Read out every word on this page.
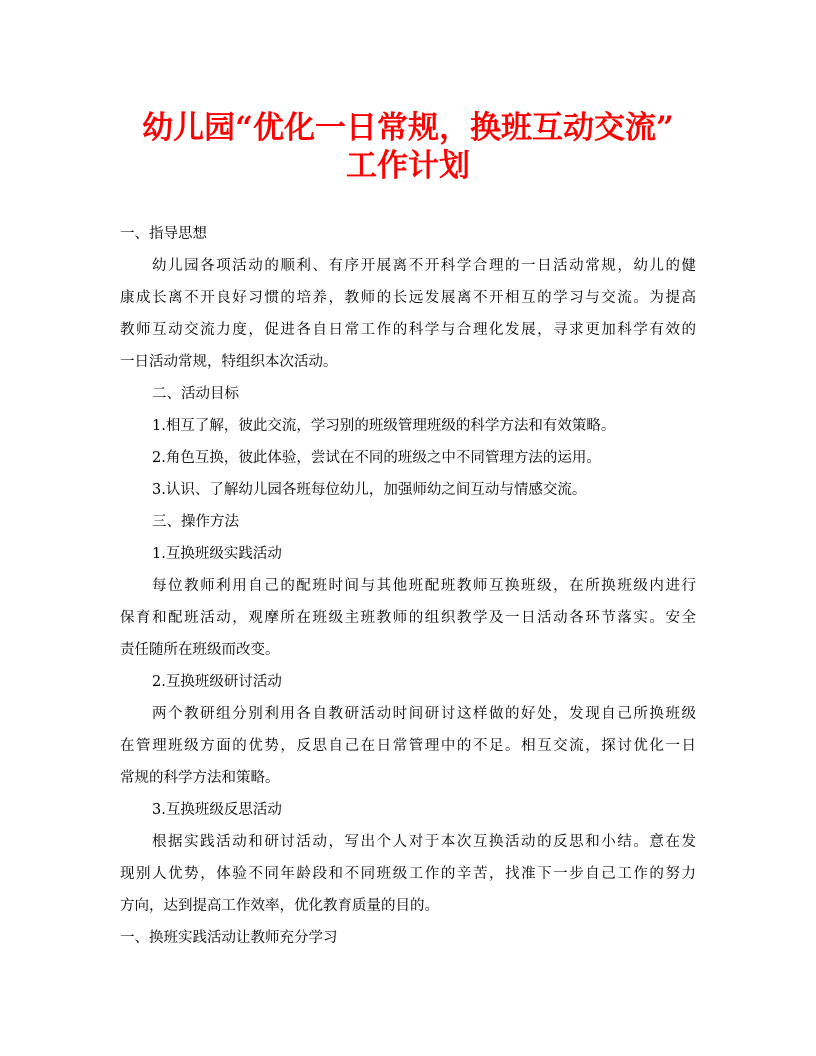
幼儿园“优化一日常规，换班互动交流”
工作计划
一、指导思想
幼儿园各项活动的顺利、有序开展离不开科学合理的一日活动常规，幼儿的健
康成长离不开良好习惯的培养，教师的长远发展离不开相互的学习与交流。为提高
教师互动交流力度，促进各自日常工作的科学与合理化发展，寻求更加科学有效的
一日活动常规，特组织本次活动。
二、活动目标
1.相互了解，彼此交流，学习别的班级管理班级的科学方法和有效策略。
2.角色互换，彼此体验，尝试在不同的班级之中不同管理方法的运用。
3.认识、了解幼儿园各班每位幼儿，加强师幼之间互动与情感交流。
三、操作方法
1.互换班级实践活动
每位教师利用自己的配班时间与其他班配班教师互换班级，在所换班级内进行
保育和配班活动，观摩所在班级主班教师的组织教学及一日活动各环节落实。安全
责任随所在班级而改变。
2.互换班级研讨活动
两个教研组分别利用各自教研活动时间研讨这样做的好处，发现自己所换班级
在管理班级方面的优势，反思自己在日常管理中的不足。相互交流，探讨优化一日
常规的科学方法和策略。
3.互换班级反思活动
根据实践活动和研讨活动，写出个人对于本次互换活动的反思和小结。意在发
现别人优势，体验不同年龄段和不同班级工作的辛苦，找准下一步自己工作的努力
方向，达到提高工作效率，优化教育质量的目的。
一、换班实践活动让教师充分学习
